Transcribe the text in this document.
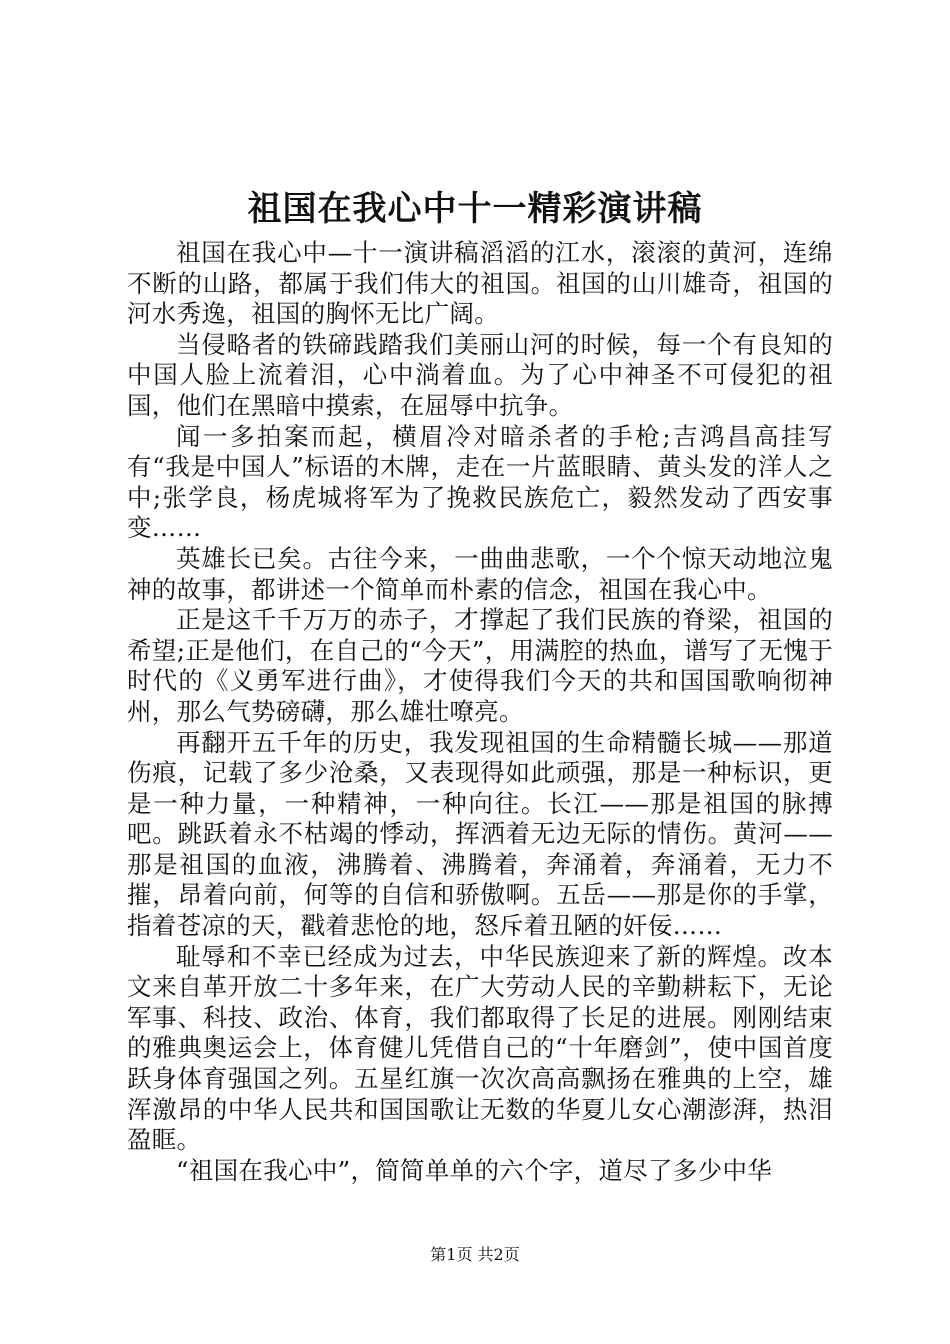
祖国在我心中十一精彩演讲稿

祖国在我心中—十一演讲稿滔滔的江水，滚滚的黄河，连绵不断的山路，都属于我们伟大的祖国。祖国的山川雄奇，祖国的河水秀逸，祖国的胸怀无比广阔。

当侵略者的铁碲践踏我们美丽山河的时候，每一个有良知的中国人脸上流着泪，心中淌着血。为了心中神圣不可侵犯的祖国，他们在黑暗中摸索，在屈辱中抗争。

闻一多拍案而起，横眉冷对暗杀者的手枪;吉鸿昌高挂写有“我是中国人”标语的木牌，走在一片蓝眼睛、黄头发的洋人之中;张学良，杨虎城将军为了挽救民族危亡，毅然发动了西安事变……

英雄长已矣。古往今来，一曲曲悲歌，一个个惊天动地泣鬼神的故事，都讲述一个简单而朴素的信念，祖国在我心中。

正是这千千万万的赤子，才撑起了我们民族的脊梁，祖国的希望;正是他们，在自己的“今天”，用满腔的热血，谱写了无愧于时代的《义勇军进行曲》，才使得我们今天的共和国国歌响彻神州，那么气势磅礴，那么雄壮嘹亮。

再翻开五千年的历史，我发现祖国的生命精髓长城——那道伤痕，记载了多少沧桑，又表现得如此顽强，那是一种标识，更是一种力量，一种精神，一种向往。长江——那是祖国的脉搏吧。跳跃着永不枯竭的悸动，挥洒着无边无际的情伤。黄河——那是祖国的血液，沸腾着、沸腾着，奔涌着，奔涌着，无力不摧，昂着向前，何等的自信和骄傲啊。五岳——那是你的手掌，指着苍凉的天，戳着悲怆的地，怒斥着丑陋的奸佞……

耻辱和不幸已经成为过去，中华民族迎来了新的辉煌。改本文来自革开放二十多年来，在广大劳动人民的辛勤耕耘下，无论军事、科技、政治、体育，我们都取得了长足的进展。刚刚结束的雅典奥运会上，体育健儿凭借自己的“十年磨剑”，使中国首度跃身体育强国之列。五星红旗一次次高高飘扬在雅典的上空，雄浑激昂的中华人民共和国国歌让无数的华夏儿女心潮澎湃，热泪盈眶。

“祖国在我心中”，简简单单的六个字，道尽了多少中华

第1页 共2页
